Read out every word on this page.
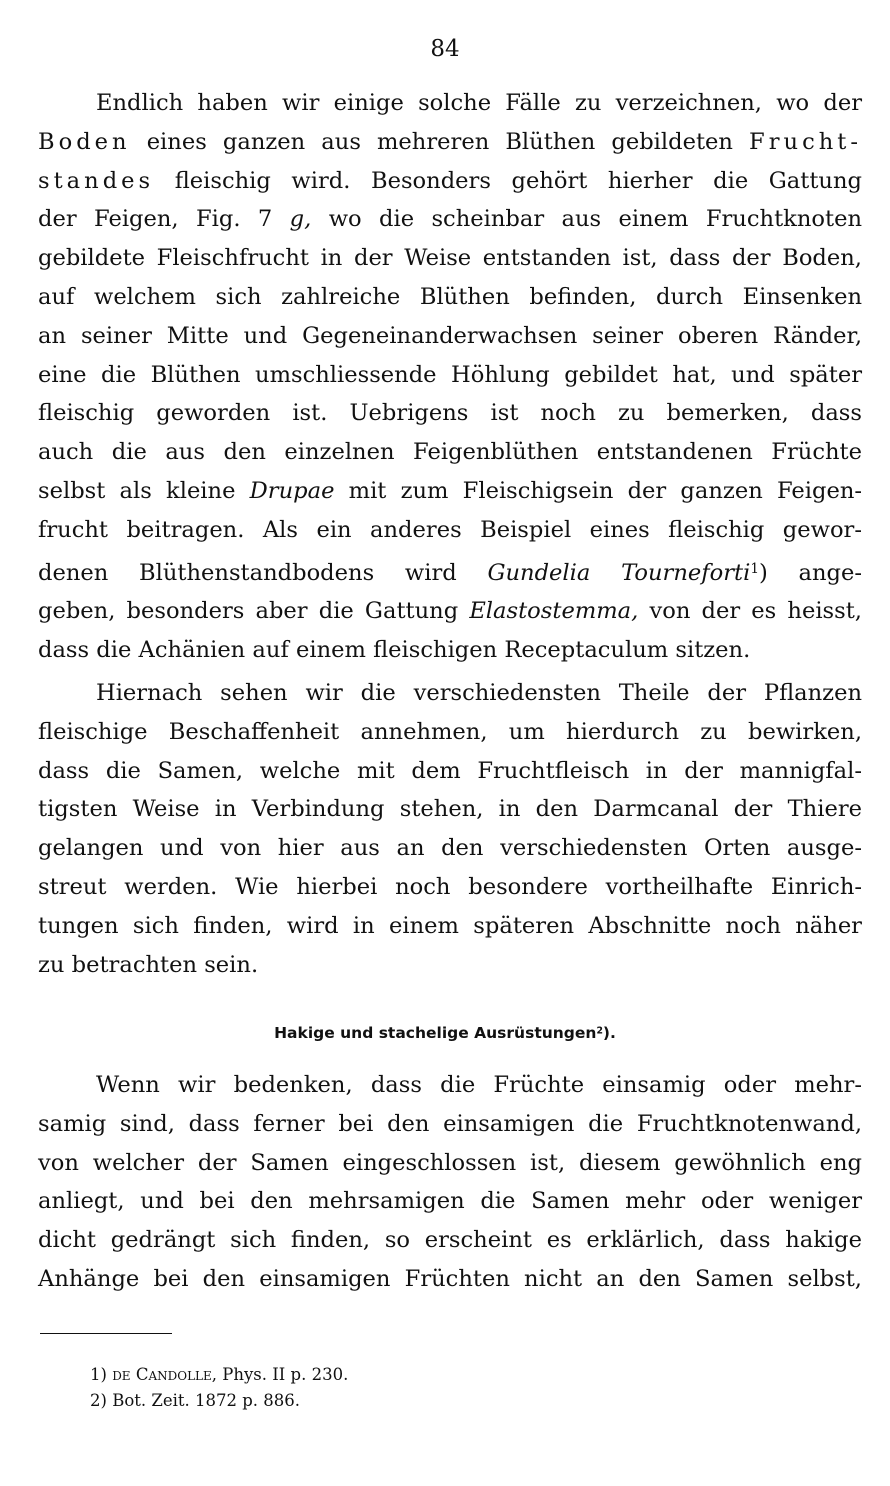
84
Endlich haben wir einige solche Fälle zu verzeichnen, wo der
Boden eines ganzen aus mehreren Blüthen gebildeten Frucht-
standes fleischig wird. Besonders gehört hierher die Gattung
der Feigen, Fig. 7 g, wo die scheinbar aus einem Fruchtknoten
gebildete Fleischfrucht in der Weise entstanden ist, dass der Boden,
auf welchem sich zahlreiche Blüthen befinden, durch Einsenken
an seiner Mitte und Gegeneinanderwachsen seiner oberen Ränder,
eine die Blüthen umschliessende Höhlung gebildet hat, und später
fleischig geworden ist. Uebrigens ist noch zu bemerken, dass
auch die aus den einzelnen Feigenblüthen entstandenen Früchte
selbst als kleine Drupae mit zum Fleischigsein der ganzen Feigen-
frucht beitragen. Als ein anderes Beispiel eines fleischig gewor-
denen Blüthenstandbodens wird Gundelia Tourneforti$^1$) ange-
geben, besonders aber die Gattung Elastostemma, von der es heisst,
dass die Achänien auf einem fleischigen Receptaculum sitzen.
Hiernach sehen wir die verschiedensten Theile der Pflanzen
fleischige Beschaffenheit annehmen, um hierdurch zu bewirken,
dass die Samen, welche mit dem Fruchtfleisch in der mannigfal-
tigsten Weise in Verbindung stehen, in den Darmcanal der Thiere
gelangen und von hier aus an den verschiedensten Orten ausge-
streut werden. Wie hierbei noch besondere vortheilhafte Einrich-
tungen sich finden, wird in einem späteren Abschnitte noch näher
zu betrachten sein.
Hakige und stachelige Ausrüstungen$^2$).
Wenn wir bedenken, dass die Früchte einsamig oder mehr-
samig sind, dass ferner bei den einsamigen die Fruchtknotenwand,
von welcher der Samen eingeschlossen ist, diesem gewöhnlich eng
anliegt, und bei den mehrsamigen die Samen mehr oder weniger
dicht gedrängt sich finden, so erscheint es erklärlich, dass hakige
Anhänge bei den einsamigen Früchten nicht an den Samen selbst,
1) de Candolle, Phys. II p. 230.
2) Bot. Zeit. 1872 p. 886.
